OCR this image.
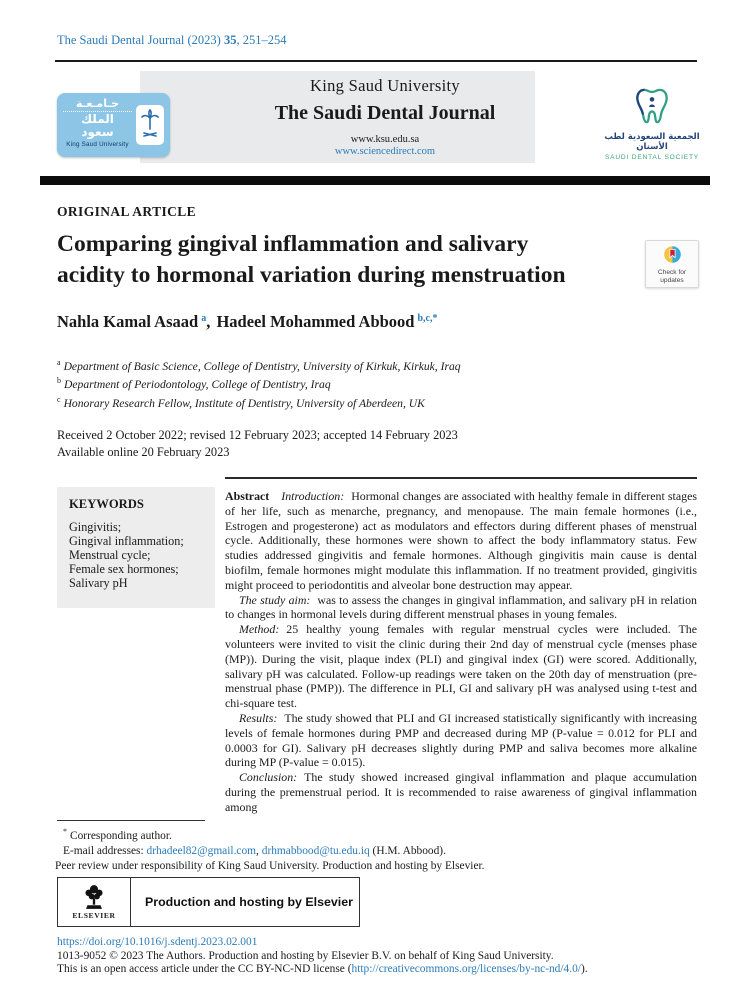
The Saudi Dental Journal (2023) 35, 251–254
King Saud University
The Saudi Dental Journal
www.ksu.edu.sa
www.sciencedirect.com
جـامـعـة
الملك سعود
King Saud University
الجمعية السعودية لطب الأسنان
SAUDI DENTAL SOCIETY
ORIGINAL ARTICLE
Comparing gingival inflammation and salivary acidity to hormonal variation during menstruation	Check for
updates
Nahla Kamal Asaad $^a$, Hadeel Mohammed Abbood $^{b,c,*}$
$^a$ Department of Basic Science, College of Dentistry, University of Kirkuk, Kirkuk, Iraq
$^b$ Department of Periodontology, College of Dentistry, Iraq
$^c$ Honorary Research Fellow, Institute of Dentistry, University of Aberdeen, UK
Received 2 October 2022; revised 12 February 2023; accepted 14 February 2023
Available online 20 February 2023
KEYWORDS
Gingivitis;
Gingival inflammation;
Menstrual cycle;
Female sex hormones;
Salivary pH

Abstract Introduction: Hormonal changes are associated with healthy female in different stages of her life, such as menarche, pregnancy, and menopause. The main female hormones (i.e., Estrogen and progesterone) act as modulators and effectors during different phases of menstrual cycle. Additionally, these hormones were shown to affect the body inflammatory status. Few studies addressed gingivitis and female hormones. Although gingivitis main cause is dental biofilm, female hormones might modulate this inflammation. If no treatment provided, gingivitis might proceed to periodontitis and alveolar bone destruction may appear.

The study aim: was to assess the changes in gingival inflammation, and salivary pH in relation to changes in hormonal levels during different menstrual phases in young females.

Method: 25 healthy young females with regular menstrual cycles were included. The volunteers were invited to visit the clinic during their 2nd day of menstrual cycle (menses phase (MP)). During the visit, plaque index (PLI) and gingival index (GI) were scored. Additionally, salivary pH was calculated. Follow-up readings were taken on the 20th day of menstruation (pre-menstrual phase (PMP)). The difference in PLI, GI and salivary pH was analysed using t-test and chi-square test.

Results: The study showed that PLI and GI increased statistically significantly with increasing levels of female hormones during PMP and decreased during MP (P-value = 0.012 for PLI and 0.0003 for GI). Salivary pH decreases slightly during PMP and saliva becomes more alkaline during MP (P-value = 0.015).

Conclusion: The study showed increased gingival inflammation and plaque accumulation during the premenstrual period. It is recommended to raise awareness of gingival inflammation among

* Corresponding author.
E-mail addresses: drhadeel82@gmail.com, drhmabbood@tu.edu.iq (H.M. Abbood).
Peer review under responsibility of King Saud University. Production and hosting by Elsevier.
ELSEVIER
Production and hosting by Elsevier
https://doi.org/10.1016/j.sdentj.2023.02.001
1013-9052 © 2023 The Authors. Production and hosting by Elsevier B.V. on behalf of King Saud University.
This is an open access article under the CC BY-NC-ND license (http://creativecommons.org/licenses/by-nc-nd/4.0/).
